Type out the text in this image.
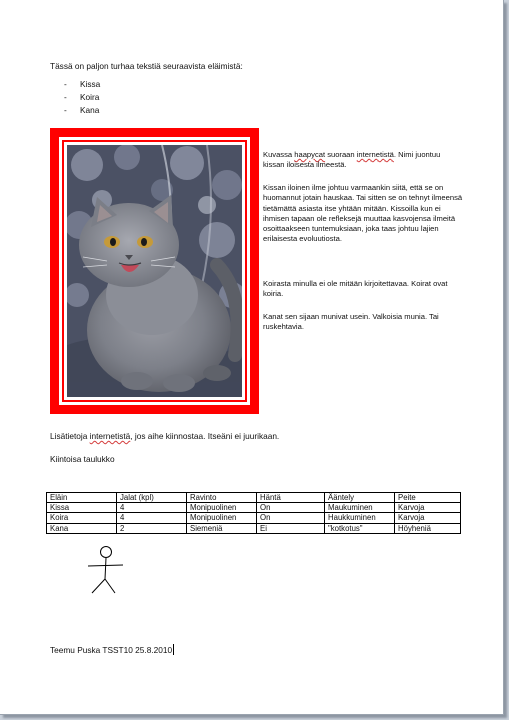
Tässä on paljon turhaa tekstiä seuraavista eläimistä:
- Kissa
- Koira
- Kana

Kuvassa haapycat suoraan internetistä. Nimi juontuu kissan iloisesta ilmeestä.

Kissan iloinen ilme johtuu varmaankin siitä, että se on huomannut jotain hauskaa. Tai sitten se on tehnyt ilmeensä tietämättä asiasta itse yhtään mitään. Kissoilla kun ei ihmisen tapaan ole refleksejä muuttaa kasvojensa ilmeitä osoittaakseen tuntemuksiaan, joka taas johtuu lajien erilaisesta evoluutiosta.

Koirasta minulla ei ole mitään kirjoitettavaa. Koirat ovat koiria.

Kanat sen sijaan munivat usein. Valkoisia munia. Tai ruskehtavia.

Lisätietoja internetistä, jos aihe kiinnostaa. Itseäni ei juurikaan.
Kiintoisa taulukko
Eläin	Jalat (kpl)	Ravinto	Häntä	Ääntely	Peite
Kissa	4	Monipuolinen	On	Maukuminen	Karvoja
Koira	4	Monipuolinen	On	Haukkuminen	Karvoja
Kana	2	Siemeniä	Ei	"kotkotus"	Höyheniä
Teemu Puska TSST10 25.8.2010
